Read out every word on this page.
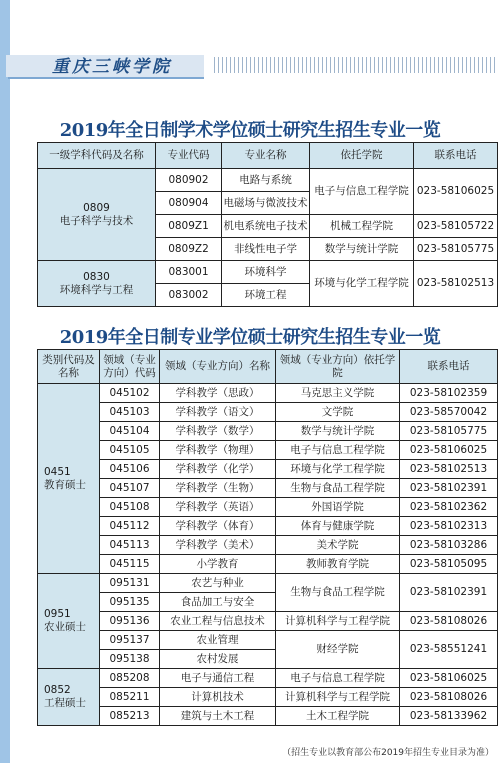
重庆三峡学院
2019年全日制学术学位硕士研究生招生专业一览
一级学科代码及名称	专业代码	专业名称	依托学院	联系电话
0809
电子科学与技术	080902	电路与系统	电子与信息工程学院	023-58106025
	080904	电磁场与微波技术		
	0809Z1	机电系统电子技术	机械工程学院	023-58105722
	0809Z2	非线性电子学	数学与统计学院	023-58105775
0830
环境科学与工程	083001	环境科学	环境与化学工程学院	023-58102513
	083002	环境工程		
2019年全日制专业学位硕士研究生招生专业一览
类别代码及名称	领域（专业方向）代码	领域（专业方向）名称	领域（专业方向）依托学院	联系电话
0451
教育硕士	045102	学科教学（思政）	马克思主义学院	023-58102359
	045103	学科教学（语文）	文学院	023-58570042
	045104	学科教学（数学）	数学与统计学院	023-58105775
	045105	学科教学（物理）	电子与信息工程学院	023-58106025
	045106	学科教学（化学）	环境与化学工程学院	023-58102513
	045107	学科教学（生物）	生物与食品工程学院	023-58102391
	045108	学科教学（英语）	外国语学院	023-58102362
	045112	学科教学（体育）	体育与健康学院	023-58102313
	045113	学科教学（美术）	美术学院	023-58103286
	045115	小学教育	教师教育学院	023-58105095
0951
农业硕士	095131	农艺与种业	生物与食品工程学院	023-58102391
	095135	食品加工与安全		
	095136	农业工程与信息技术	计算机科学与工程学院	023-58108026
	095137	农业管理	财经学院	023-58551241
	095138	农村发展		
0852
工程硕士	085208	电子与通信工程	电子与信息工程学院	023-58106025
	085211	计算机技术	计算机科学与工程学院	023-58108026
	085213	建筑与土木工程	土木工程学院	023-58133962
（招生专业以教育部公布2019年招生专业目录为准）
